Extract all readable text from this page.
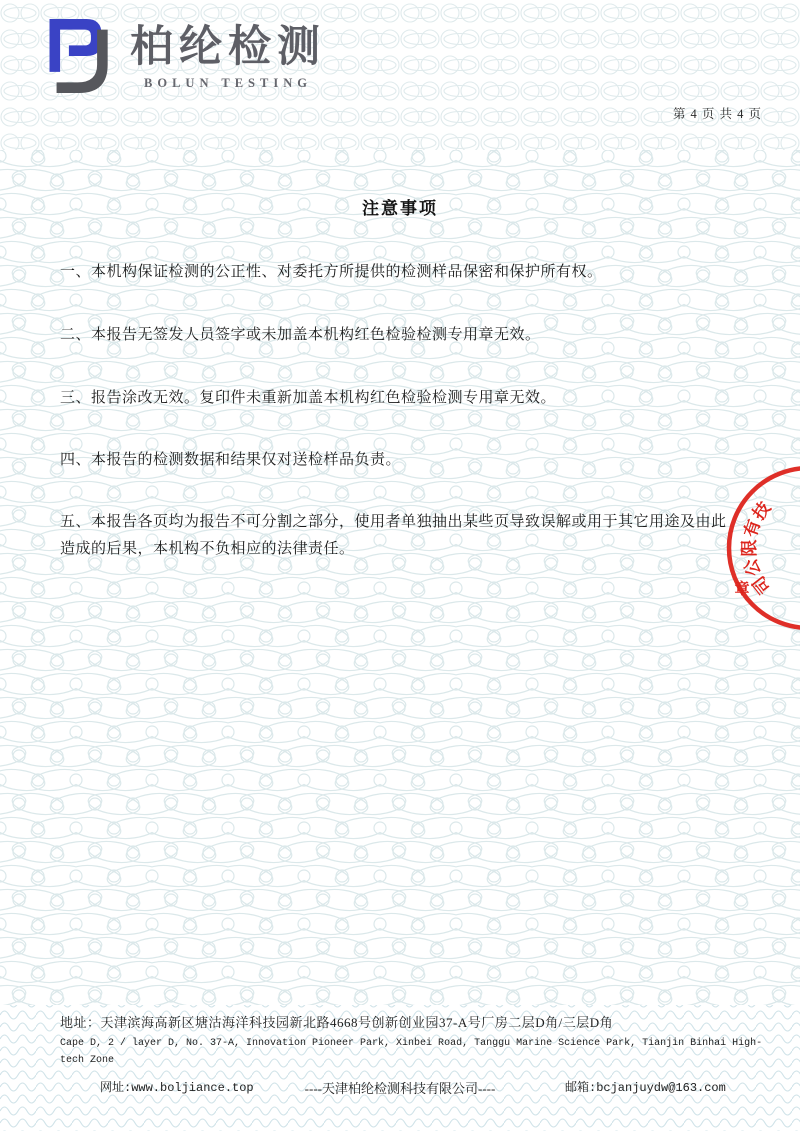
柏纶检测
BOLUN TESTING
第 4 页 共 4 页
注意事项

一、本机构保证检测的公正性、对委托方所提供的检测样品保密和保护所有权。

二、本报告无签发人员签字或未加盖本机构红色检验检测专用章无效。

三、报告涂改无效。复印件未重新加盖本机构红色检验检测专用章无效。

四、本报告的检测数据和结果仅对送检样品负责。

五、本报告各页均为报告不可分割之部分，使用者单独抽出某些页导致误解或用于其它用途及由此造成的后果，本机构不负相应的法律责任。

技
有
限
公
司
章
地址：天津滨海高新区塘沽海洋科技园新北路4668号创新创业园37-A号厂房二层D角/三层D角
Cape D, 2 / layer D, No. 37-A, Innovation Pioneer Park, Xinbei Road, Tanggu Marine Science Park, Tianjin Binhai High-tech Zone
网址:www.boljiance.top	----天津柏纶检测科技有限公司----	邮箱:bcjanjuydw@163.com
